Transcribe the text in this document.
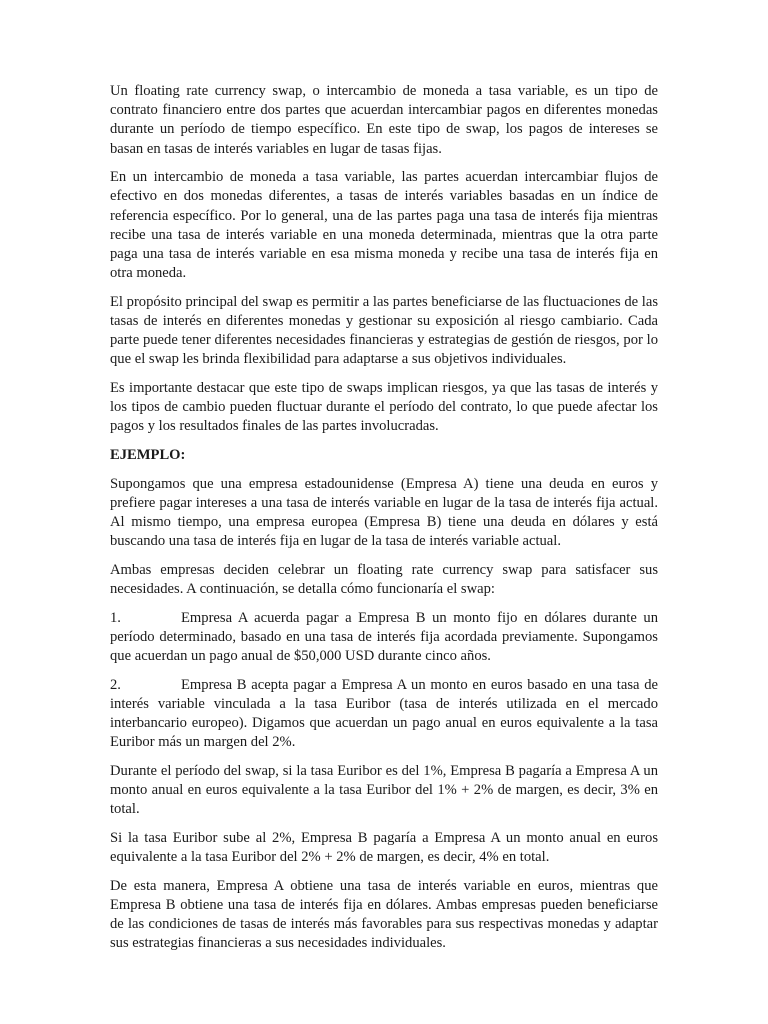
Un floating rate currency swap, o intercambio de moneda a tasa variable, es un tipo de contrato financiero entre dos partes que acuerdan intercambiar pagos en diferentes monedas durante un período de tiempo específico. En este tipo de swap, los pagos de intereses se basan en tasas de interés variables en lugar de tasas fijas.

En un intercambio de moneda a tasa variable, las partes acuerdan intercambiar flujos de efectivo en dos monedas diferentes, a tasas de interés variables basadas en un índice de referencia específico. Por lo general, una de las partes paga una tasa de interés fija mientras recibe una tasa de interés variable en una moneda determinada, mientras que la otra parte paga una tasa de interés variable en esa misma moneda y recibe una tasa de interés fija en otra moneda.

El propósito principal del swap es permitir a las partes beneficiarse de las fluctuaciones de las tasas de interés en diferentes monedas y gestionar su exposición al riesgo cambiario. Cada parte puede tener diferentes necesidades financieras y estrategias de gestión de riesgos, por lo que el swap les brinda flexibilidad para adaptarse a sus objetivos individuales.

Es importante destacar que este tipo de swaps implican riesgos, ya que las tasas de interés y los tipos de cambio pueden fluctuar durante el período del contrato, lo que puede afectar los pagos y los resultados finales de las partes involucradas.

EJEMPLO:

Supongamos que una empresa estadounidense (Empresa A) tiene una deuda en euros y prefiere pagar intereses a una tasa de interés variable en lugar de la tasa de interés fija actual. Al mismo tiempo, una empresa europea (Empresa B) tiene una deuda en dólares y está buscando una tasa de interés fija en lugar de la tasa de interés variable actual.

Ambas empresas deciden celebrar un floating rate currency swap para satisfacer sus necesidades. A continuación, se detalla cómo funcionaría el swap:

1.	Empresa A acuerda pagar a Empresa B un monto fijo en dólares durante un período determinado, basado en una tasa de interés fija acordada previamente. Supongamos que acuerdan un pago anual de $50,000 USD durante cinco años.

2.	Empresa B acepta pagar a Empresa A un monto en euros basado en una tasa de interés variable vinculada a la tasa Euribor (tasa de interés utilizada en el mercado interbancario europeo). Digamos que acuerdan un pago anual en euros equivalente a la tasa Euribor más un margen del 2%.

Durante el período del swap, si la tasa Euribor es del 1%, Empresa B pagaría a Empresa A un monto anual en euros equivalente a la tasa Euribor del 1% + 2% de margen, es decir, 3% en total.

Si la tasa Euribor sube al 2%, Empresa B pagaría a Empresa A un monto anual en euros equivalente a la tasa Euribor del 2% + 2% de margen, es decir, 4% en total.

De esta manera, Empresa A obtiene una tasa de interés variable en euros, mientras que Empresa B obtiene una tasa de interés fija en dólares. Ambas empresas pueden beneficiarse de las condiciones de tasas de interés más favorables para sus respectivas monedas y adaptar sus estrategias financieras a sus necesidades individuales.
